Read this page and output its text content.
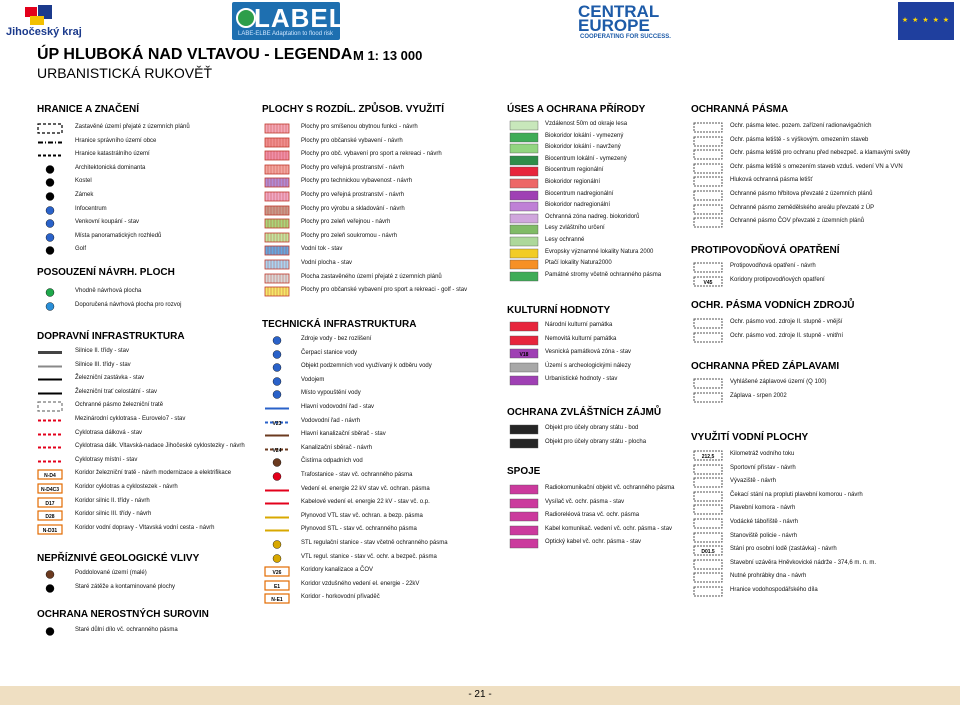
Jihočeský kraj	LABEL
LABE-ELBE Adaptation to flood risk
CENTRAL
EUROPE
COOPERATING FOR SUCCESS.
★ ★ ★ ★ ★
ÚP HLUBOKÁ NAD VLTAVOU - LEGENDA M 1: 13 000
URBANISTICKÁ RUKOVĚŤ
HRANICE A ZNAČENÍ
Zastavěné území přejaté z územních plánů
Hranice správního území obce
Hranice katastrálního území
Architektonická dominanta
Kostel
Zámek
Infocentrum
Venkovní koupání - stav
Místa panoramatických rozhledů
Golf
POSOUZENÍ NÁVRH. PLOCH
Vhodně návrhová plocha
Doporučená návrhová plocha pro rozvoj
DOPRAVNÍ INFRASTRUKTURA
Silnice II. třídy - stav
Silnice III. třídy - stav
Železniční zastávka - stav
Železniční trať celostátní - stav
Ochranné pásmo železniční tratě
Mezinárodní cyklotrasa - Eurovelo7 - stav
Cyklotrasa dálková - stav
Cyklotrasa dálk. Vltavská-nadace Jihočeské cyklostezky - návrh
Cyklotrasy místní - stav
N-D4	Koridor železniční tratě - návrh modernizace a elektrifikace
N-D4C3	Koridor cyklotras a cyklostezek - návrh
D17	Koridor silnic II. třídy - návrh
D28	Koridor silnic III. třídy - návrh
N-D31	Koridor vodní dopravy - Vltavská vodní cesta - návrh
NEPŘÍZNIVÉ GEOLOGICKÉ VLIVY
Poddolované území (malé)
Staré zátěže a kontaminované plochy
OCHRANA NEROSTNÝCH SUROVIN
Staré důlní dílo vč. ochranného pásma
PLOCHY S ROZDÍL. ZPŮSOB. VYUŽITÍ
Plochy pro smíšenou obytnou funkci - návrh
Plochy pro občanské vybavení - návrh
Plochy pro obč. vybavení pro sport a rekreaci - návrh
Plochy pro veřejná prostranství - návrh
Plochy pro technickou vybavenost - návrh
Plochy pro veřejná prostranství - návrh
Plochy pro výrobu a skladování - návrh
Plochy pro zeleň veřejnou - návrh
Plochy pro zeleň soukromou - návrh
Vodní tok - stav
Vodní plocha - stav
Plocha zastavěného území přejaté z územních plánů
Plochy pro občanské vybavení pro sport a rekreaci - golf - stav
TECHNICKÁ INFRASTRUKTURA
Zdroje vody - bez rozlišení
Čerpací stanice vody
Objekt podzemních vod využívaný k odběru vody
Vodojem
Místo vypouštění vody
Hlavní vodovodní řad - stav
V23	Vodovodní řad - návrh
Hlavní kanalizační sběrač - stav
V24	Kanalizační sběrač - návrh
Čistírna odpadních vod
Trafostanice - stav vč. ochranného pásma
Vedení el. energie 22 kV stav vč. ochran. pásma
Kabelové vedení el. energie 22 kV - stav vč. o.p.
Plynovod VTL stav vč. ochran. a bezp. pásma
Plynovod STL - stav vč. ochranného pásma
STL regulační stanice - stav včetně ochranného pásma
VTL regul. stanice - stav vč. ochr. a bezpeč. pásma
V26	Koridory kanalizace a ČOV
E1	Koridor vzdušného vedení el. energie - 22kV
N-E1	Koridor - horkovodní přivaděč
ÚSES A OCHRANA PŘÍRODY
Vzdálenost 50m od okraje lesa
Biokoridor lokální - vymezený
Biokoridor lokální - navržený
Biocentrum lokální - vymezený
Biocentrum regionální
Biokoridor regionální
Biocentrum nadregionální
Biokoridor nadregionální
Ochranná zóna nadreg. biokoridorů
Lesy zvláštního určení
Lesy ochranné
Evropsky významné lokality Natura 2000
Ptačí lokality Natura2000
Památné stromy včetně ochranného pásma
KULTURNÍ HODNOTY
Národní kulturní památka
Nemovitá kulturní památka
V18	Vesnická památková zóna - stav
Území s archeologickými nálezy
Urbanistické hodnoty - stav
OCHRANA ZVLÁŠTNÍCH ZÁJMŮ
Objekt pro účely obrany státu - bod
Objekt pro účely obrany státu - plocha
SPOJE
Radiokomunikační objekt vč. ochranného pásma
Vysílač vč. ochr. pásma - stav
Radioreléová trasa vč. ochr. pásma
Kabel komunikač. vedení vč. ochr. pásma - stav
Optický kabel vč. ochr. pásma - stav
OCHRANNÁ PÁSMA
Ochr. pásma letec. pozem. zařízení radionavigačních
Ochr. pásma letiště - s výškovým. omezením staveb
Ochr. pásma letiště pro ochranu před nebezpeč. a klamavými světly
Ochr. pásma letiště s omezením staveb vzduš. vedení VN a VVN
Hluková ochranná pásma letišť
Ochranné pásmo hřbitova převzaté z územních plánů
Ochranné pásmo zemědělského areálu převzaté z ÚP
Ochranné pásmo ČOV převzaté z územních plánů
PROTIPOVODŇOVÁ OPATŘENÍ
Protipovodňová opatření - návrh
V45	Koridory protipovodňových opatření
OCHR. PÁSMA VODNÍCH ZDROJŮ
Ochr. pásmo vod. zdroje II. stupně - vnější
Ochr. pásmo vod. zdroje II. stupně - vnitřní
OCHRANNA PŘED ZÁPLAVAMI
Vyhlášené záplavové území (Q 100)
Záplava - srpen 2002
VYUŽITÍ VODNÍ PLOCHY
212,5	Kilometráž vodního toku
Sportovní přístav - návrh
Vývaziště - návrh
Čekací stání na propluti plavební komorou - návrh
Plavební komora - návrh
Vodácké tábořiště - návrh
Stanoviště policie - návrh
D01.5	Stání pro osobní lodě (zastávka) - návrh
Stavební uzávěra Hněvkovické nádrže - 374,6 m. n. m.
Nutné prohrábky dna - návrh
Hranice vodohospodářského díla
- 21 -
